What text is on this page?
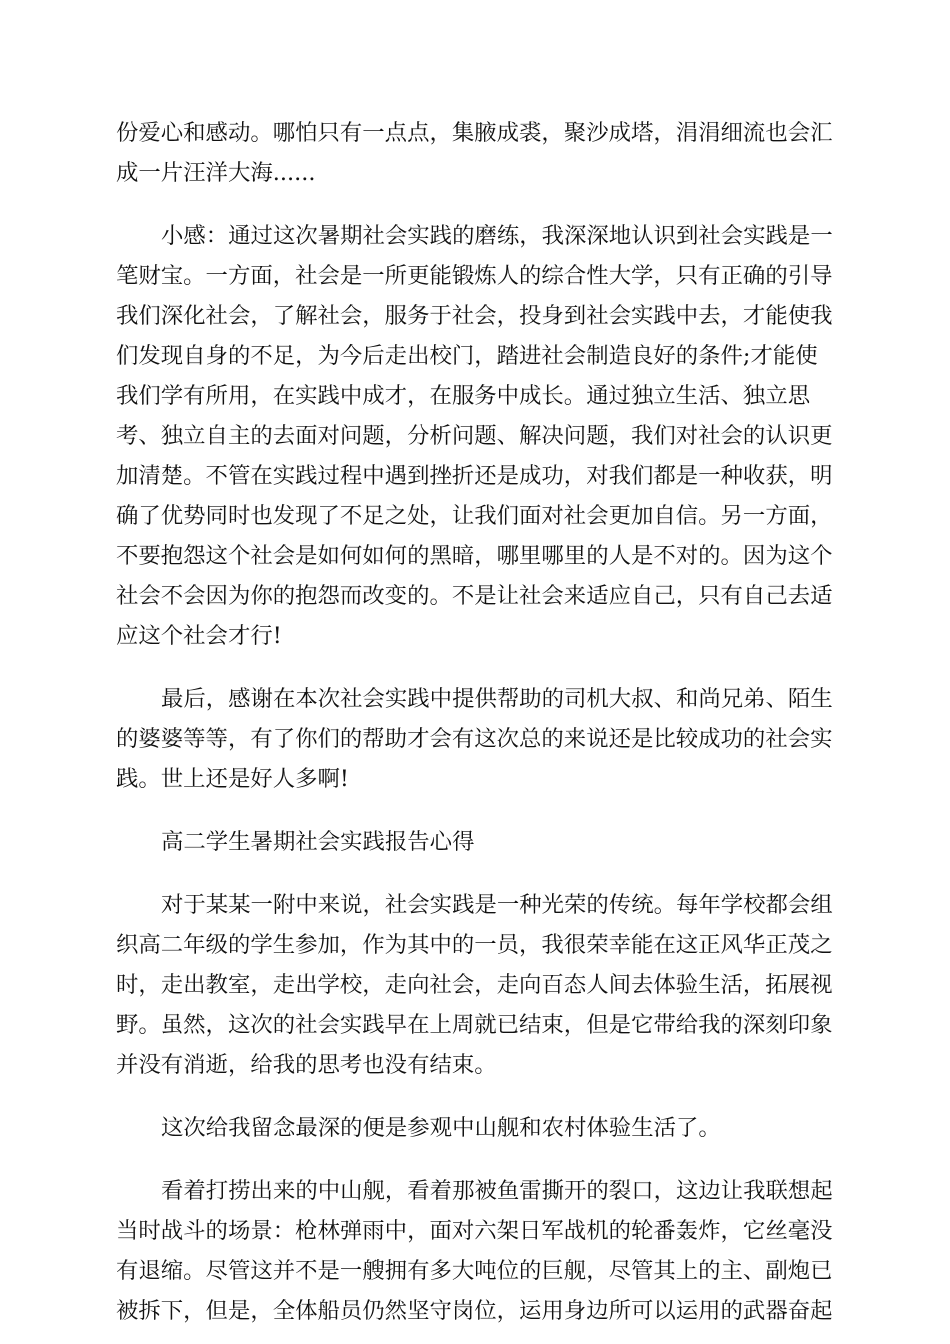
份爱心和感动。哪怕只有一点点，集腋成裘，聚沙成塔，涓涓细流也会汇
成一片汪洋大海......

小感：通过这次暑期社会实践的磨练，我深深地认识到社会实践是一
笔财宝。一方面，社会是一所更能锻炼人的综合性大学，只有正确的引导
我们深化社会，了解社会，服务于社会，投身到社会实践中去，才能使我
们发现自身的不足，为今后走出校门，踏进社会制造良好的条件;才能使
我们学有所用，在实践中成才，在服务中成长。通过独立生活、独立思
考、独立自主的去面对问题，分析问题、解决问题，我们对社会的认识更
加清楚。不管在实践过程中遇到挫折还是成功，对我们都是一种收获，明
确了优势同时也发现了不足之处，让我们面对社会更加自信。另一方面，
不要抱怨这个社会是如何如何的黑暗，哪里哪里的人是不对的。因为这个
社会不会因为你的抱怨而改变的。不是让社会来适应自己，只有自己去适
应这个社会才行!

最后，感谢在本次社会实践中提供帮助的司机大叔、和尚兄弟、陌生
的婆婆等等，有了你们的帮助才会有这次总的来说还是比较成功的社会实
践。世上还是好人多啊!

高二学生暑期社会实践报告心得

对于某某一附中来说，社会实践是一种光荣的传统。每年学校都会组
织高二年级的学生参加，作为其中的一员，我很荣幸能在这正风华正茂之
时，走出教室，走出学校，走向社会，走向百态人间去体验生活，拓展视
野。虽然，这次的社会实践早在上周就已结束，但是它带给我的深刻印象
并没有消逝，给我的思考也没有结束。

这次给我留念最深的便是参观中山舰和农村体验生活了。

看着打捞出来的中山舰，看着那被鱼雷撕开的裂口，这边让我联想起
当时战斗的场景：枪林弹雨中，面对六架日军战机的轮番轰炸，它丝毫没
有退缩。尽管这并不是一艘拥有多大吨位的巨舰，尽管其上的主、副炮已
被拆下，但是，全体船员仍然坚守岗位，运用身边所可以运用的武器奋起
